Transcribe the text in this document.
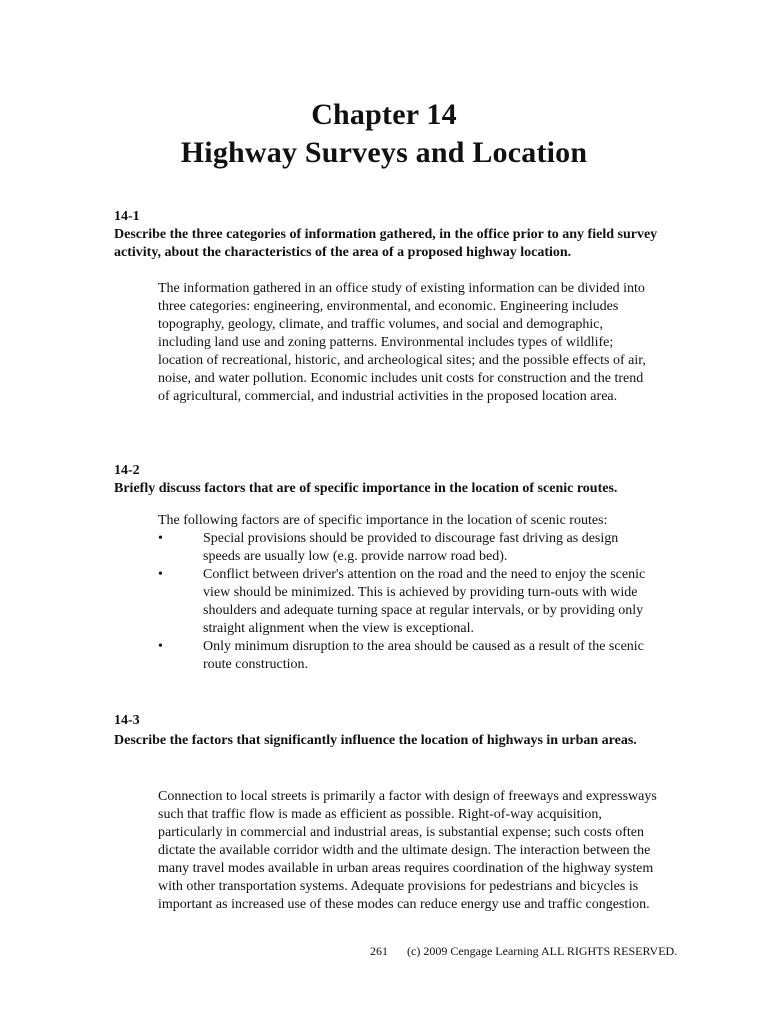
Chapter 14
Highway Surveys and Location
14-1
Describe the three categories of information gathered, in the office prior to any field survey activity, about the characteristics of the area of a proposed highway location.

The information gathered in an office study of existing information can be divided into three categories: engineering, environmental, and economic. Engineering includes topography, geology, climate, and traffic volumes, and social and demographic, including land use and zoning patterns. Environmental includes types of wildlife; location of recreational, historic, and archeological sites; and the possible effects of air, noise, and water pollution. Economic includes unit costs for construction and the trend of agricultural, commercial, and industrial activities in the proposed location area.

14-2
Briefly discuss factors that are of specific importance in the location of scenic routes.

The following factors are of specific importance in the location of scenic routes:

•	Special provisions should be provided to discourage fast driving as design speeds are usually low (e.g. provide narrow road bed).
•	Conflict between driver's attention on the road and the need to enjoy the scenic view should be minimized. This is achieved by providing turn-outs with wide shoulders and adequate turning space at regular intervals, or by providing only straight alignment when the view is exceptional.
•	Only minimum disruption to the area should be caused as a result of the scenic route construction.
14-3
Describe the factors that significantly influence the location of highways in urban areas.

Connection to local streets is primarily a factor with design of freeways and expressways such that traffic flow is made as efficient as possible. Right-of-way acquisition, particularly in commercial and industrial areas, is substantial expense; such costs often dictate the available corridor width and the ultimate design. The interaction between the many travel modes available in urban areas requires coordination of the highway system with other transportation systems. Adequate provisions for pedestrians and bicycles is important as increased use of these modes can reduce energy use and traffic congestion.

261 (c) 2009 Cengage Learning ALL RIGHTS RESERVED.
